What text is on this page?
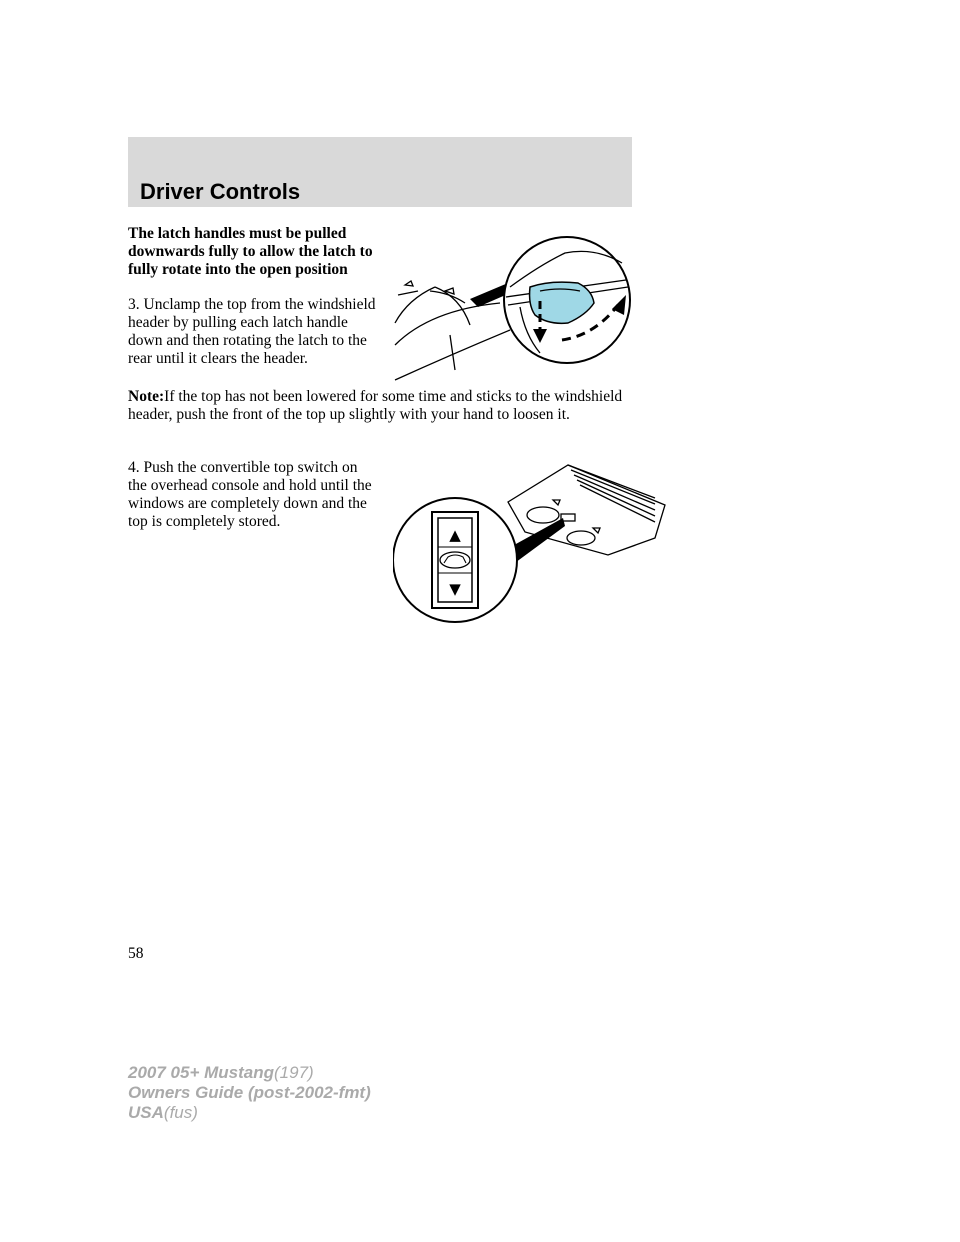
Driver Controls
The latch handles must be pulled downwards fully to allow the latch to fully rotate into the open position
3. Unclamp the top from the windshield header by pulling each latch handle down and then rotating the latch to the rear until it clears the header.
Note:If the top has not been lowered for some time and sticks to the windshield header, push the front of the top up slightly with your hand to loosen it.
4. Push the convertible top switch on the overhead console and hold until the windows are completely down and the top is completely stored.
▲
▼
58
2007 05+ Mustang(197)
Owners Guide (post-2002-fmt)
USA(fus)
